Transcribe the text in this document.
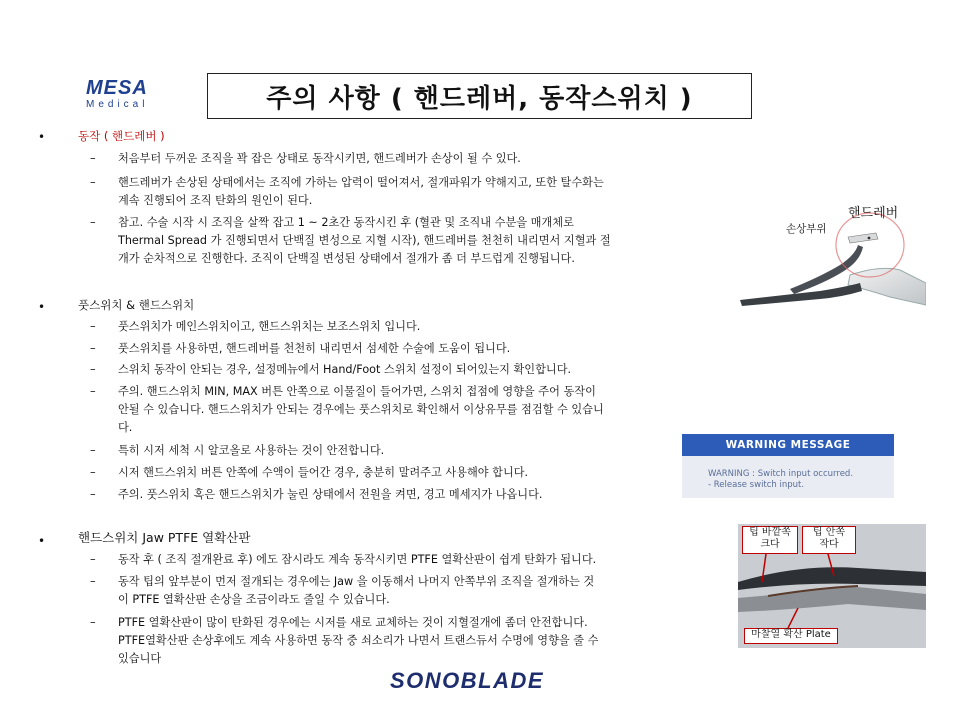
MESA
Medical	주의 사항 ( 핸드레버, 동작스위치 )
•	동작 ( 핸드레버 )
– 처음부터 두꺼운 조직을 꽉 잡은 상태로 동작시키면, 핸드레버가 손상이 될 수 있다.
– 핸드레버가 손상된 상태에서는 조직에 가하는 압력이 떨어져서, 절개파워가 약해지고, 또한 탈수화는
계속 진행되어 조직 탄화의 원인이 된다.
– 참고. 수술 시작 시 조직을 살짝 잡고 1 ~ 2초간 동작시킨 후 (혈관 및 조직내 수분을 매개체로
Thermal Spread 가 진행되면서 단백질 변성으로 지혈 시작), 핸드레버를 천천히 내리면서 지혈과 절
개가 순차적으로 진행한다. 조직이 단백질 변성된 상태에서 절개가 좀 더 부드럽게 진행됩니다.
•	풋스위치 & 핸드스위치
– 풋스위치가 메인스위치이고, 핸드스위치는 보조스위치 입니다.
– 풋스위치를 사용하면, 핸드레버를 천천히 내리면서 섬세한 수술에 도움이 됩니다.
– 스위치 동작이 안되는 경우, 설정메뉴에서 Hand/Foot 스위치 설정이 되어있는지 확인합니다.
– 주의. 핸드스위치 MIN, MAX 버튼 안쪽으로 이물질이 들어가면, 스위치 접점에 영향을 주어 동작이
안될 수 있습니다. 핸드스위치가 안되는 경우에는 풋스위치로 확인해서 이상유무를 점검할 수 있습니
다.
– 특히 시저 세척 시 알코올로 사용하는 것이 안전합니다.
– 시저 핸드스위치 버튼 안쪽에 수액이 들어간 경우, 충분히 말려주고 사용해야 합니다.
– 주의. 풋스위치 혹은 핸드스위치가 눌린 상태에서 전원을 켜면, 경고 메세지가 나옵니다.
•	핸드스위치 Jaw PTFE 열확산판
– 동작 후 ( 조직 절개완료 후) 에도 잠시라도 계속 동작시키면 PTFE 열확산판이 쉽게 탄화가 됩니다.
– 동작 팁의 앞부분이 먼저 절개되는 경우에는 Jaw 을 이동해서 나머지 안쪽부위 조직을 절개하는 것
이 PTFE 열확산판 손상을 조금이라도 줄일 수 있습니다.
– PTFE 열확산판이 많이 탄화된 경우에는 시저를 새로 교체하는 것이 지혈절개에 좀더 안전합니다.
PTFE열확산판 손상후에도 계속 사용하면 동작 중 쇠소리가 나면서 트랜스듀서 수명에 영향을 줄 수
있습니다
핸드레버
손상부위
WARNING MESSAGE
WARNING : Switch input occurred.
- Release switch input.
팁 바깥쪽
크다
팁 안쪽
작다
마찰열 확산 Plate
SONOBLADE
